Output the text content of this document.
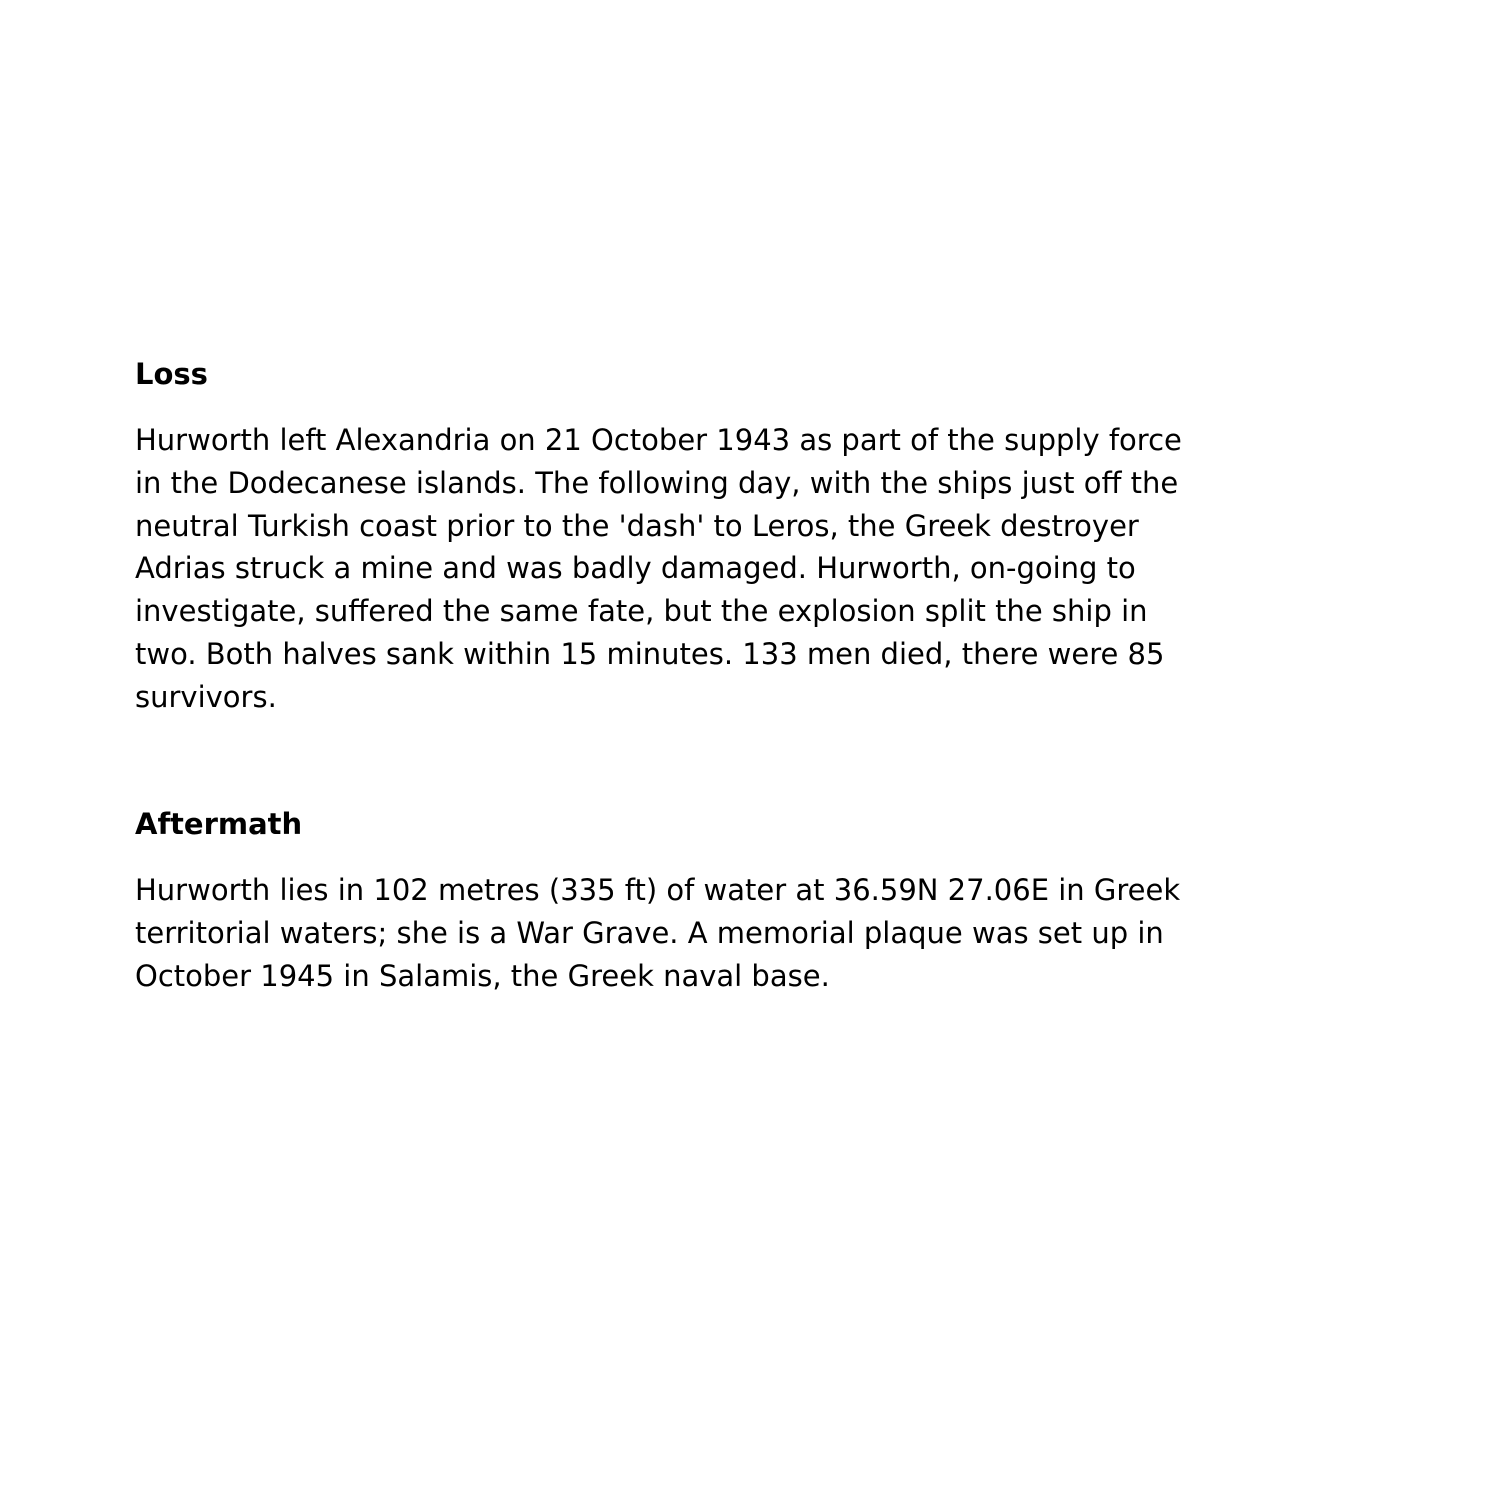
Loss

Hurworth left Alexandria on 21 October 1943 as part of the supply force
in the Dodecanese islands. The following day, with the ships just off the
neutral Turkish coast prior to the 'dash' to Leros, the Greek destroyer
Adrias struck a mine and was badly damaged. Hurworth, on-going to
investigate, suffered the same fate, but the explosion split the ship in
two. Both halves sank within 15 minutes. 133 men died, there were 85
survivors.

Aftermath

Hurworth lies in 102 metres (335 ft) of water at 36.59N 27.06E in Greek
territorial waters; she is a War Grave. A memorial plaque was set up in
October 1945 in Salamis, the Greek naval base.
